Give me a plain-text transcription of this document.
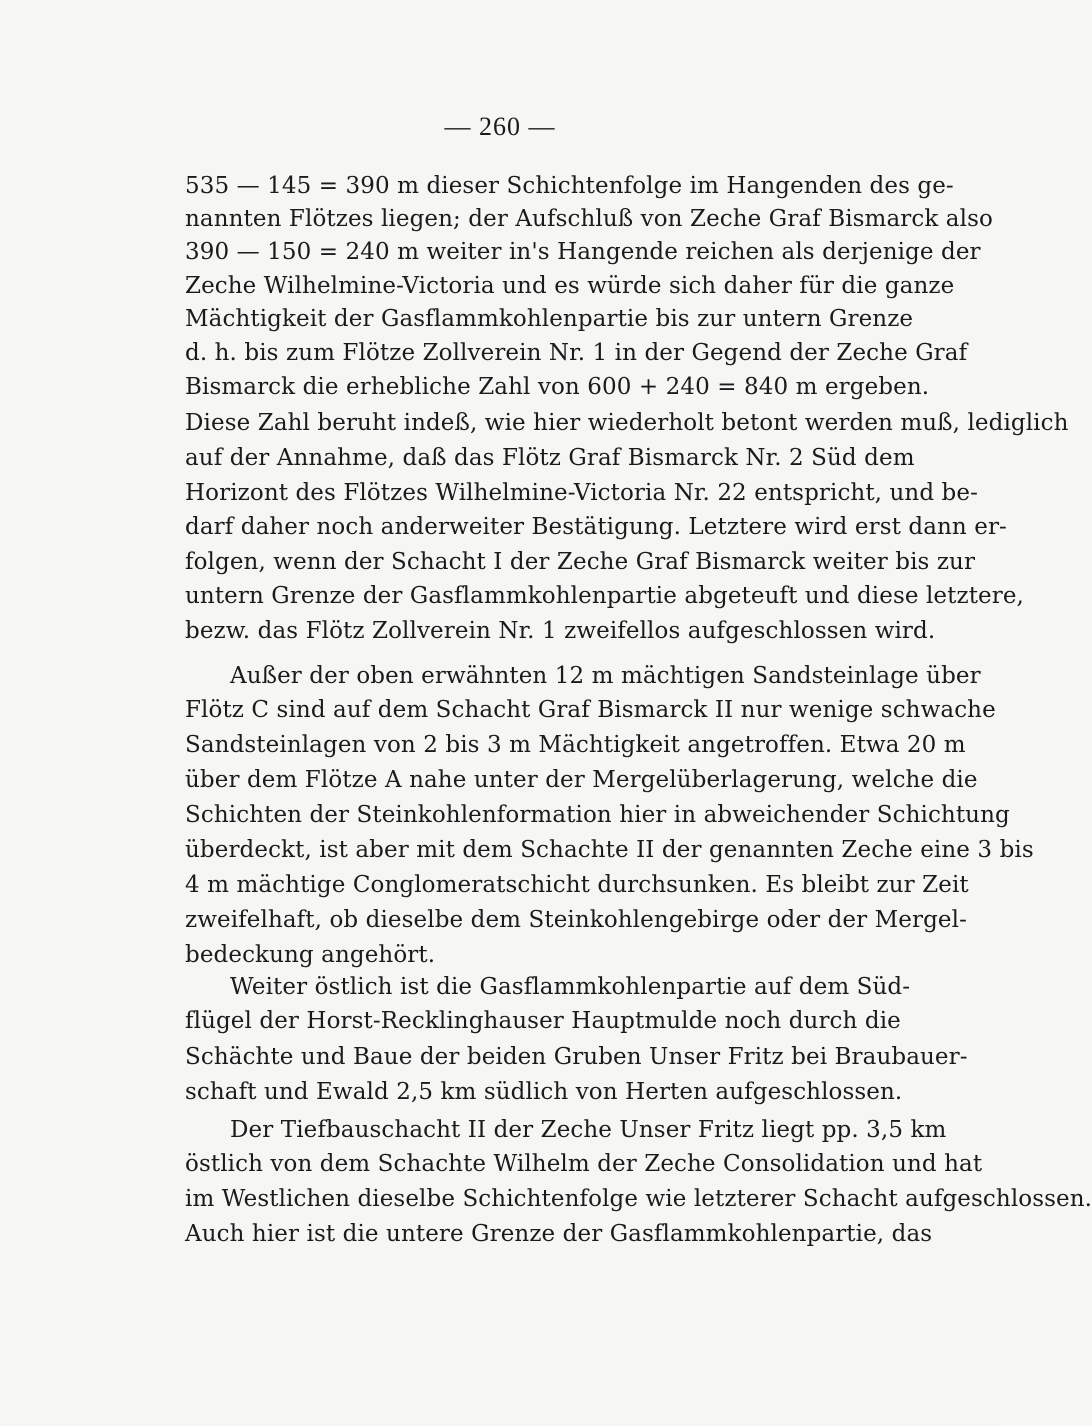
— 260 —
535 — 145 = 390 m dieser Schichtenfolge im Hangenden des ge-
nannten Flötzes liegen; der Aufschluß von Zeche Graf Bismarck also
390 — 150 = 240 m weiter in's Hangende reichen als derjenige der
Zeche Wilhelmine-Victoria und es würde sich daher für die ganze
Mächtigkeit der Gasflammkohlenpartie bis zur untern Grenze
d. h. bis zum Flötze Zollverein Nr. 1 in der Gegend der Zeche Graf
Bismarck die erhebliche Zahl von 600 + 240 = 840 m ergeben.
Diese Zahl beruht indeß, wie hier wiederholt betont werden muß, lediglich
auf der Annahme, daß das Flötz Graf Bismarck Nr. 2 Süd dem
Horizont des Flötzes Wilhelmine-Victoria Nr. 22 entspricht, und be-
darf daher noch anderweiter Bestätigung. Letztere wird erst dann er-
folgen, wenn der Schacht I der Zeche Graf Bismarck weiter bis zur
untern Grenze der Gasflammkohlenpartie abgeteuft und diese letztere,
bezw. das Flötz Zollverein Nr. 1 zweifellos aufgeschlossen wird.
Außer der oben erwähnten 12 m mächtigen Sandsteinlage über
Flötz C sind auf dem Schacht Graf Bismarck II nur wenige schwache
Sandsteinlagen von 2 bis 3 m Mächtigkeit angetroffen. Etwa 20 m
über dem Flötze A nahe unter der Mergelüberlagerung, welche die
Schichten der Steinkohlenformation hier in abweichender Schichtung
überdeckt, ist aber mit dem Schachte II der genannten Zeche eine 3 bis
4 m mächtige Conglomeratschicht durchsunken. Es bleibt zur Zeit
zweifelhaft, ob dieselbe dem Steinkohlengebirge oder der Mergel-
bedeckung angehört.
Weiter östlich ist die Gasflammkohlenpartie auf dem Süd-
flügel der Horst-Recklinghauser Hauptmulde noch durch die
Schächte und Baue der beiden Gruben Unser Fritz bei Braubauer-
schaft und Ewald 2,5 km südlich von Herten aufgeschlossen.
Der Tiefbauschacht II der Zeche Unser Fritz liegt pp. 3,5 km
östlich von dem Schachte Wilhelm der Zeche Consolidation und hat
im Westlichen dieselbe Schichtenfolge wie letzterer Schacht aufgeschlossen.
Auch hier ist die untere Grenze der Gasflammkohlenpartie, das
